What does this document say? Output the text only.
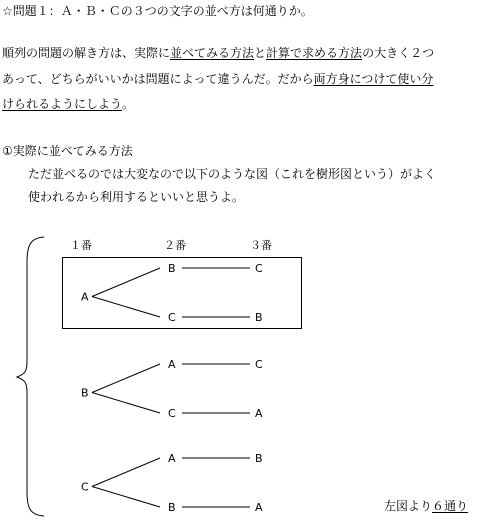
☆問題１：Ａ・Ｂ・Ｃの３つの文字の並べ方は何通りか。
順列の問題の解き方は、実際に並べてみる方法と計算で求める方法の大きく２つ
あって、どちらがいいかは問題によって違うんだ。だから両方身につけて使い分
けられるようにしよう。
①実際に並べてみる方法
ただ並べるのでは大変なので以下のような図（これを樹形図という）がよく
使われるから利用するといいと思うよ。
１番	２番	３番
A
B	C
C	B
B
A	C
C	A
C
A	B
B	A	左図より６通り
